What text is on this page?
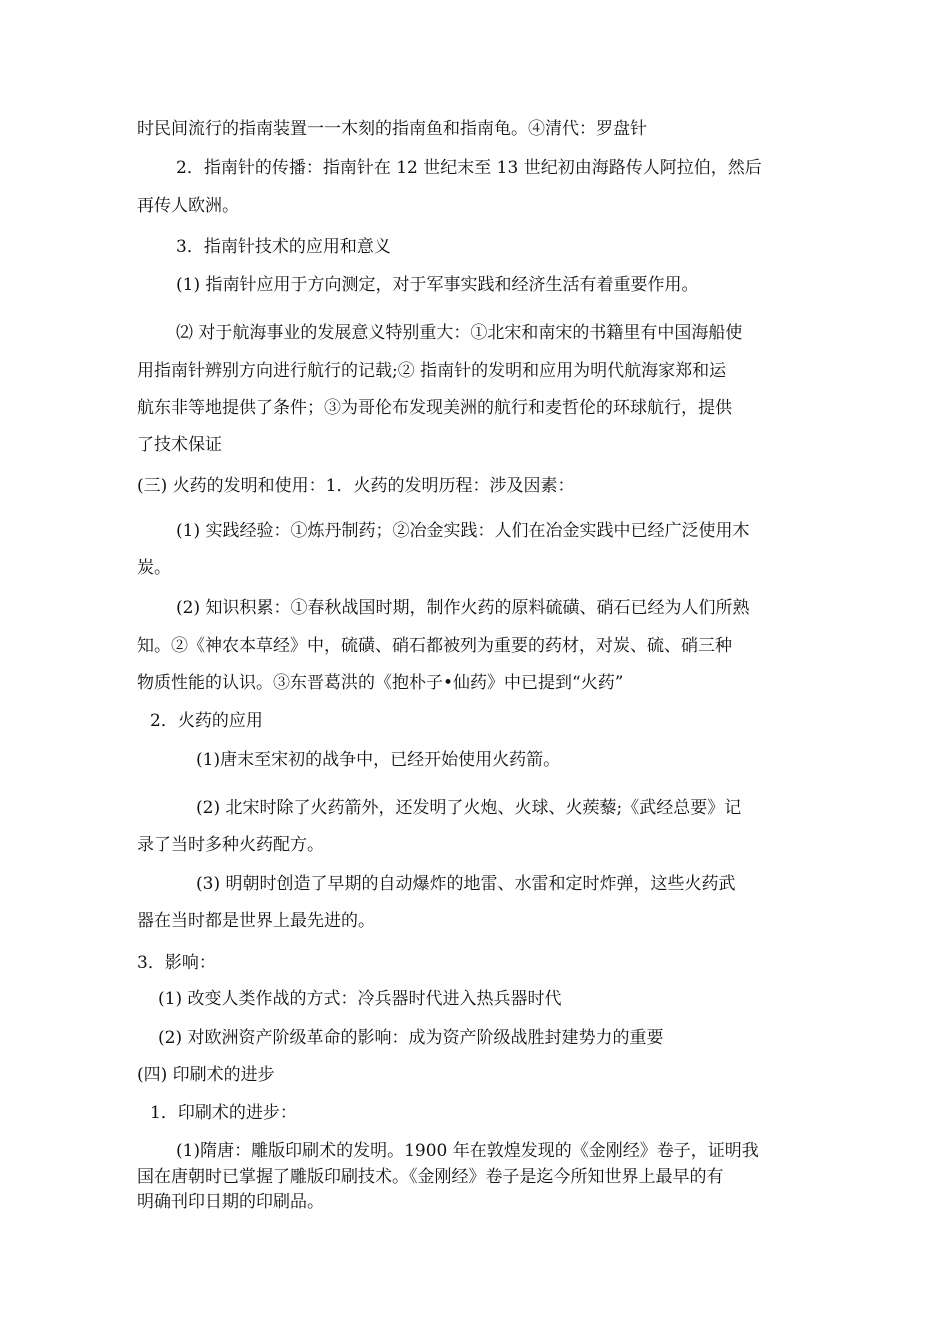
时民间流行的指南装置一一木刻的指南鱼和指南龟。④清代：罗盘针
2．指南针的传播：指南针在 12 世纪末至 13 世纪初由海路传人阿拉伯，然后
再传人欧洲。
3．指南针技术的应用和意义
(1) 指南针应用于方向测定，对于军事实践和经济生活有着重要作用。
⑵ 对于航海事业的发展意义特别重大：①北宋和南宋的书籍里有中国海船使
用指南针辨别方向进行航行的记载;② 指南针的发明和应用为明代航海家郑和运
航东非等地提供了条件；③为哥伦布发现美洲的航行和麦哲伦的环球航行，提供
了技术保证
(三) 火药的发明和使用：1．火药的发明历程：涉及因素：
(1) 实践经验：①炼丹制药；②冶金实践：人们在冶金实践中已经广泛使用木
炭。
(2) 知识积累：①春秋战国时期，制作火药的原料硫磺、硝石已经为人们所熟
知。②《神农本草经》中，硫磺、硝石都被列为重要的药材，对炭、硫、硝三种
物质性能的认识。③东晋葛洪的《抱朴子•仙药》中已提到“火药”
2．火药的应用
(1)唐末至宋初的战争中，已经开始使用火药箭。
(2) 北宋时除了火药箭外，还发明了火炮、火球、火蒺藜;《武经总要》记
录了当时多种火药配方。
(3) 明朝时创造了早期的自动爆炸的地雷、水雷和定时炸弹，这些火药武
器在当时都是世界上最先进的。
3．影响：
(1) 改变人类作战的方式：冷兵器时代进入热兵器时代
(2) 对欧洲资产阶级革命的影响：成为资产阶级战胜封建势力的重要
(四) 印刷术的进步
1．印刷术的进步：
(1)隋唐：雕版印刷术的发明。1900 年在敦煌发现的《金刚经》卷子，证明我
国在唐朝时已掌握了雕版印刷技术。《金刚经》卷子是迄今所知世界上最早的有
明确刊印日期的印刷品。
